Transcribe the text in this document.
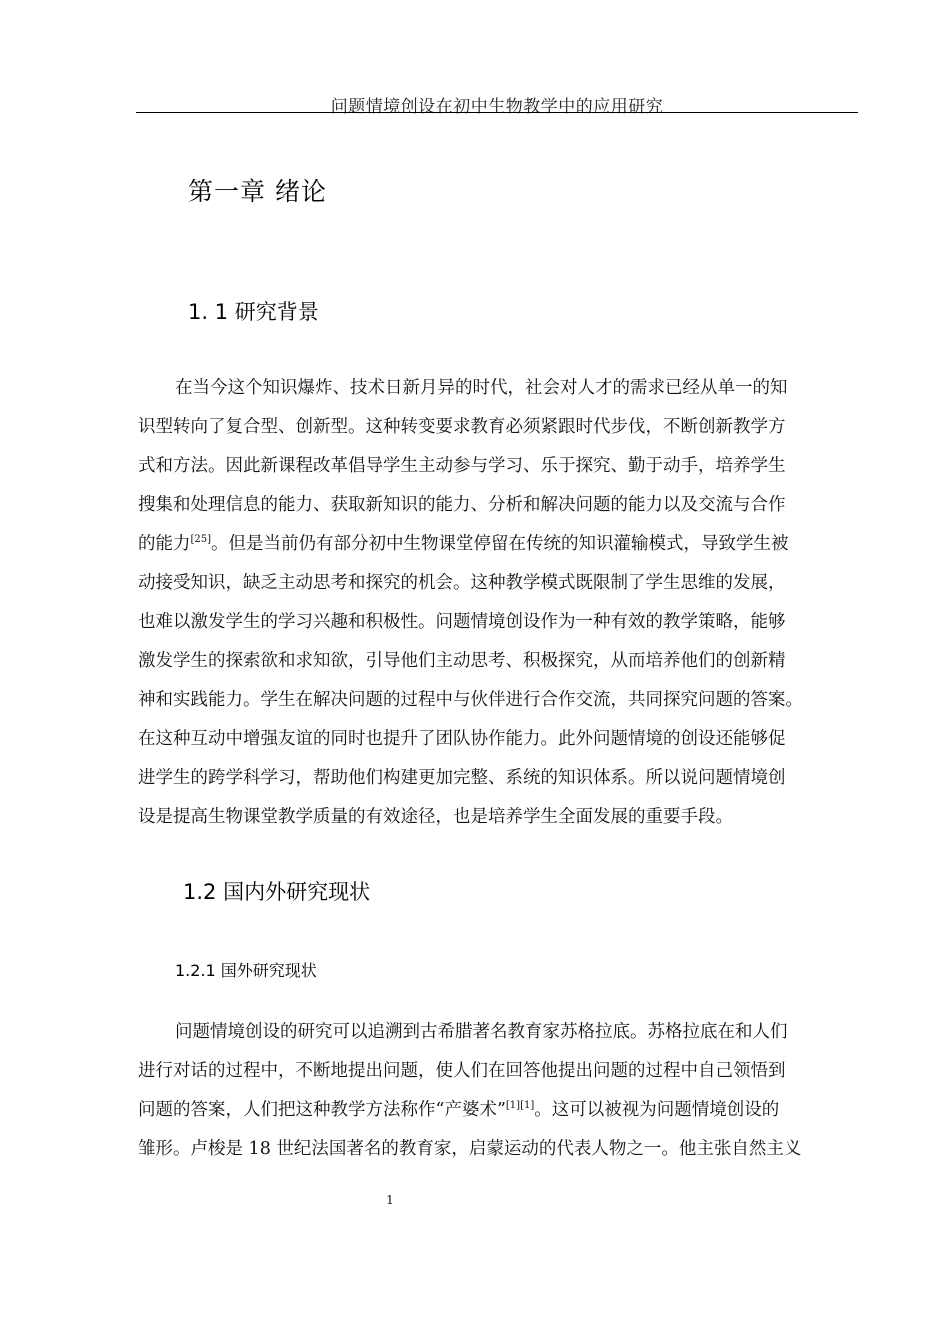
问题情境创设在初中生物教学中的应用研究
第一章 绪论
1. 1 研究背景
在当今这个知识爆炸、技术日新月异的时代，社会对人才的需求已经从单一的知
识型转向了复合型、创新型。这种转变要求教育必须紧跟时代步伐，不断创新教学方
式和方法。因此新课程改革倡导学生主动参与学习、乐于探究、勤于动手，培养学生
搜集和处理信息的能力、获取新知识的能力、分析和解决问题的能力以及交流与合作
的能力[25]。但是当前仍有部分初中生物课堂停留在传统的知识灌输模式，导致学生被
动接受知识，缺乏主动思考和探究的机会。这种教学模式既限制了学生思维的发展，
也难以激发学生的学习兴趣和积极性。问题情境创设作为一种有效的教学策略，能够
激发学生的探索欲和求知欲，引导他们主动思考、积极探究，从而培养他们的创新精
神和实践能力。学生在解决问题的过程中与伙伴进行合作交流，共同探究问题的答案。
在这种互动中增强友谊的同时也提升了团队协作能力。此外问题情境的创设还能够促
进学生的跨学科学习，帮助他们构建更加完整、系统的知识体系。所以说问题情境创
设是提高生物课堂教学质量的有效途径，也是培养学生全面发展的重要手段。
1.2 国内外研究现状
1.2.1 国外研究现状
问题情境创设的研究可以追溯到古希腊著名教育家苏格拉底。苏格拉底在和人们
进行对话的过程中，不断地提出问题，使人们在回答他提出问题的过程中自己领悟到
问题的答案，人们把这种教学方法称作“产婆术”[1][1]。这可以被视为问题情境创设的
雏形。卢梭是 18 世纪法国著名的教育家，启蒙运动的代表人物之一。他主张自然主义
1
